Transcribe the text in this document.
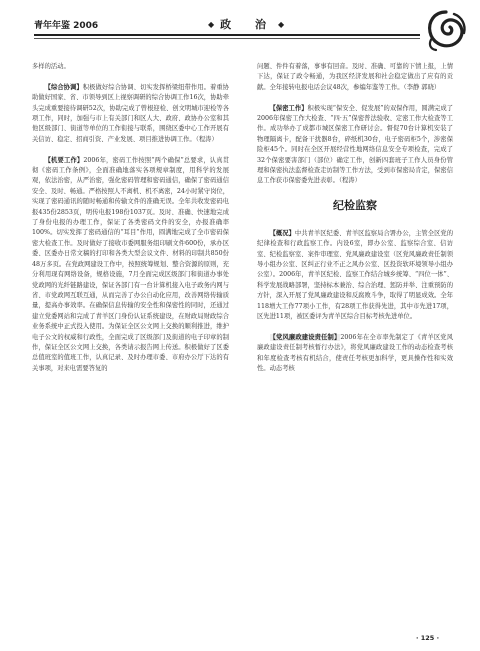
青年年鉴 2006	◆ 政 治 ◆

多样的活动。

【综合协调】积极做好综合协调、切实发挥桥梁纽带作用。着重协助做好国家、省、市领导到区上视察调研的综合协调工作16次，协助牵头完成重要接待调研52次，协助完成了曾根迎检、创文明城市迎检等各项工作，同时，加强与市上有关部门和区人大、政府、政协办公室和其他区级部门、街道等单位的工作衔接与联系，围绕区委中心工作开展有关信访、稳定、招商引资、产业发展、项目推进协调工作。（程涛）

【机要工作】2006年，密码工作按照“两个确保”总要求，认真贯彻《密码工作条例》，全面准确地落实各项规章制度，用科学的发展观，依法治密，从严治密，强化密码管理和密码通信，确保了密码通信安全、及时、畅通。严格按照人不离机、机不离密，24小时紧守岗位，实现了密码通讯的随时畅通和传输文件的准确无误。全年共收发密码电报435份2853页，明传电报198份1037页。及时、准确、快速地完成了身份电报的办理工作，保证了各类密码文件的安全，办报准确率100%。切实发挥了密码通信的“耳目”作用，圆满地完成了全市密码保密大检查工作。及时做好了接收市委网服务组印刷文件600份，承办区委、区委办日常文稿的打印和各类大型会议文件、材料的印制共850份48万多页。在党政网建设工作中，按照统筹规划、整合资源的原则，充分利用现有网络设备，规格设施，7月全面完成区级部门和街道办事处党政网的光纤链路建设，保证各部门有一台计算机接入电子政务内网与省、市党政网互联互通，从而完善了办公自动化应用，改善网络传输质量，提高办事效率。在确保信息传输的安全性和保密性的同时，还通过建立党委网站和完成了青羊区门身份认证系统建设，在财政局财政综合业务系统中正式投入使用。为保证全区公文网上交换的顺利推进，维护电子公文的权威和行政性，全面完成了区级部门及街道的电子印章的制作，保证全区公文网上交换，各类请示报告网上传送。积极做好了区委总值班室的值班工作，认真记录、及时办理市委、市府办公厅下达的有关事项，对来电需要答复的

问题、件件有着落，事事有回音。及时、准确、可靠的下情上报，上情下达，保证了政令畅通，为我区经济发展和社会稳定做出了应有的贡献。全年接转电报电话会议48次，参编年鉴等工作。（李静 郭晓）

【保密工作】积极实现“保安全、促发展”的双保作用，圆满完成了2006年保密工作大检查、“四·五”保密普法验收、定密工作大检查等工作。成功举办了成都市城区保密工作研讨会。督促70台计算机安装了物理隔离卡，配备干扰器8台，碎纸机30台，电子密码柜5个，涉密保险柜45个。同时在全区开展经营性地网络信息安全专项检查，完成了32个保密要害部门（部位）确定工作，创新四套班子工作人员身份管理和保密执法监督检查走访制等工作方法，受到市保密局肯定，保密信息工作获市保密委先进表彰。（程涛）

纪检监察

【概况】中共青羊区纪委、青羊区监察局合署办公，主管全区党的纪律检查和行政监察工作。内设6室，即办公室、监察综合室、信访室、纪检监察室、案件审理室、党风廉政建设室（区党风廉政责任制领导小组办公室、区纠正行业不正之风办公室、区投资软环境领导小组办公室）。2006年，青羊区纪检、监察工作结合城乡统筹、“四位一体”、科学发展战略部署，坚持标本兼治、综合治理、惩防并举、注重预防的方针，深入开展了党风廉政建设和反腐败斗争，取得了明显成效。全年118增大工作77项小工作，有28项工作获得先进，其中市先进17项，区先进11项，被区委评为青羊区综合目标考核先进单位。

【党风廉政建设责任制】2006年在全市率先制定了《青羊区党风廉政建设责任制考核暂行办法》，将党风廉政建设工作的动态检查考核和年度检查考核有机结合，使责任考核更加科学，更具操作性和实效性。动态考核

· 125 ·
